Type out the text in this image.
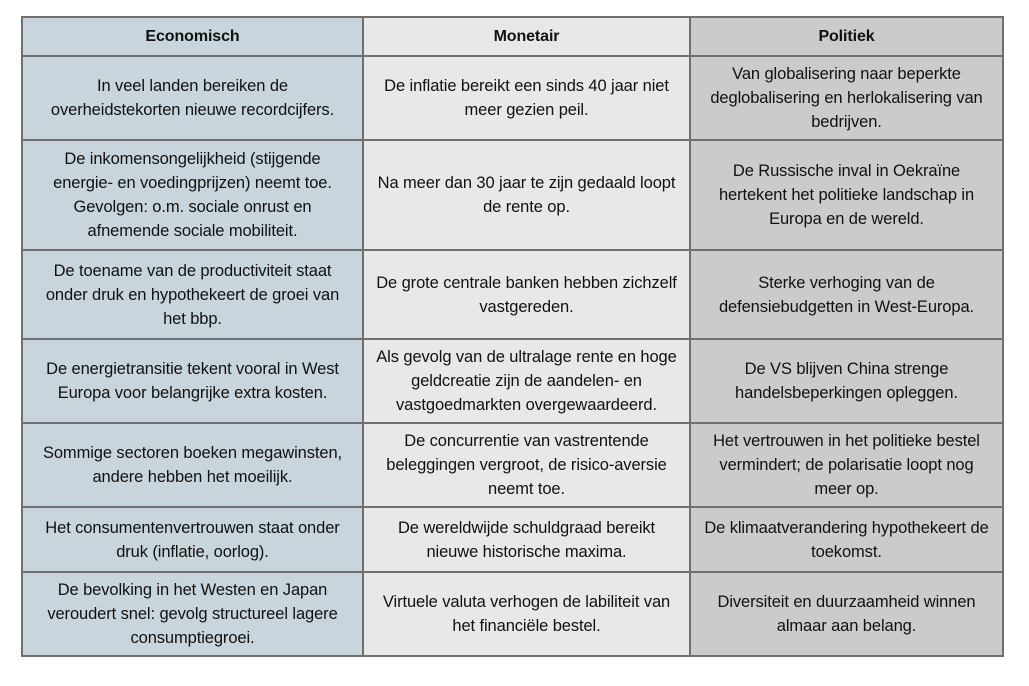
Economisch	Monetair	Politiek
In veel landen bereiken de overheidstekorten nieuwe recordcijfers.	De inflatie bereikt een sinds 40 jaar niet meer gezien peil.	Van globalisering naar beperkte deglobalisering en herlokalisering van bedrijven.
De inkomensongelijkheid (stijgende energie- en voedingprijzen) neemt toe. Gevolgen: o.m. sociale onrust en afnemende sociale mobiliteit.	Na meer dan 30 jaar te zijn gedaald loopt de rente op.	De Russische inval in Oekraïne hertekent het politieke landschap in Europa en de wereld.
De toename van de productiviteit staat onder druk en hypothekeert de groei van het bbp.	De grote centrale banken hebben zichzelf vastgereden.	Sterke verhoging van de defensiebudgetten in West-Europa.
De energietransitie tekent vooral in West Europa voor belangrijke extra kosten.	Als gevolg van de ultralage rente en hoge geldcreatie zijn de aandelen- en vastgoedmarkten overgewaardeerd.	De VS blijven China strenge handelsbeperkingen opleggen.
Sommige sectoren boeken megawinsten, andere hebben het moeilijk.	De concurrentie van vastrentende beleggingen vergroot, de risico-aversie neemt toe.	Het vertrouwen in het politieke bestel vermindert; de polarisatie loopt nog meer op.
Het consumentenvertrouwen staat onder druk (inflatie, oorlog).	De wereldwijde schuldgraad bereikt nieuwe historische maxima.	De klimaatverandering hypothekeert de toekomst.
De bevolking in het Westen en Japan veroudert snel: gevolg structureel lagere consumptiegroei.	Virtuele valuta verhogen de labiliteit van het financiële bestel.	Diversiteit en duurzaamheid winnen almaar aan belang.
